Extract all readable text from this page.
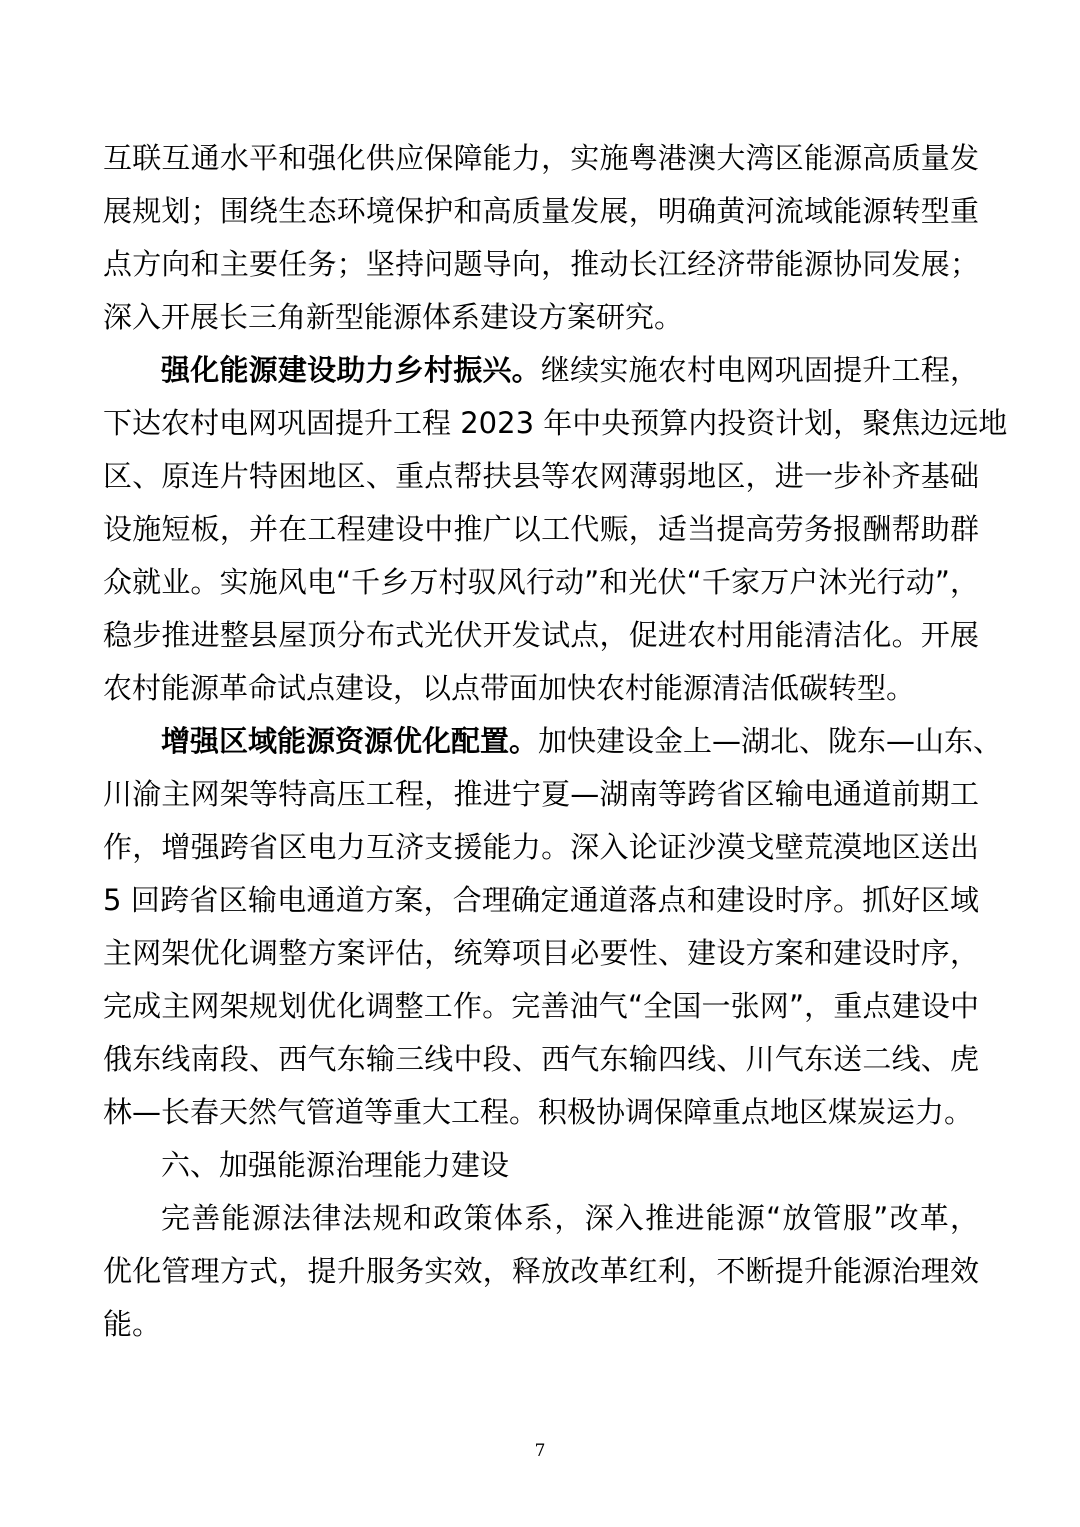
互联互通水平和强化供应保障能力，实施粤港澳大湾区能源高质量发
展规划；围绕生态环境保护和高质量发展，明确黄河流域能源转型重
点方向和主要任务；坚持问题导向，推动长江经济带能源协同发展；
深入开展长三角新型能源体系建设方案研究。
强化能源建设助力乡村振兴。继续实施农村电网巩固提升工程，
下达农村电网巩固提升工程 2023 年中央预算内投资计划，聚焦边远地
区、原连片特困地区、重点帮扶县等农网薄弱地区，进一步补齐基础
设施短板，并在工程建设中推广以工代赈，适当提高劳务报酬帮助群
众就业。实施风电“千乡万村驭风行动”和光伏“千家万户沐光行动”，
稳步推进整县屋顶分布式光伏开发试点，促进农村用能清洁化。开展
农村能源革命试点建设，以点带面加快农村能源清洁低碳转型。
增强区域能源资源优化配置。加快建设金上—湖北、陇东—山东、
川渝主网架等特高压工程，推进宁夏—湖南等跨省区输电通道前期工
作，增强跨省区电力互济支援能力。深入论证沙漠戈壁荒漠地区送出
5 回跨省区输电通道方案，合理确定通道落点和建设时序。抓好区域
主网架优化调整方案评估，统筹项目必要性、建设方案和建设时序，
完成主网架规划优化调整工作。完善油气“全国一张网”，重点建设中
俄东线南段、西气东输三线中段、西气东输四线、川气东送二线、虎
林—长春天然气管道等重大工程。积极协调保障重点地区煤炭运力。
六、加强能源治理能力建设
完善能源法律法规和政策体系，深入推进能源“放管服”改革，
优化管理方式，提升服务实效，释放改革红利，不断提升能源治理效
能。
7
